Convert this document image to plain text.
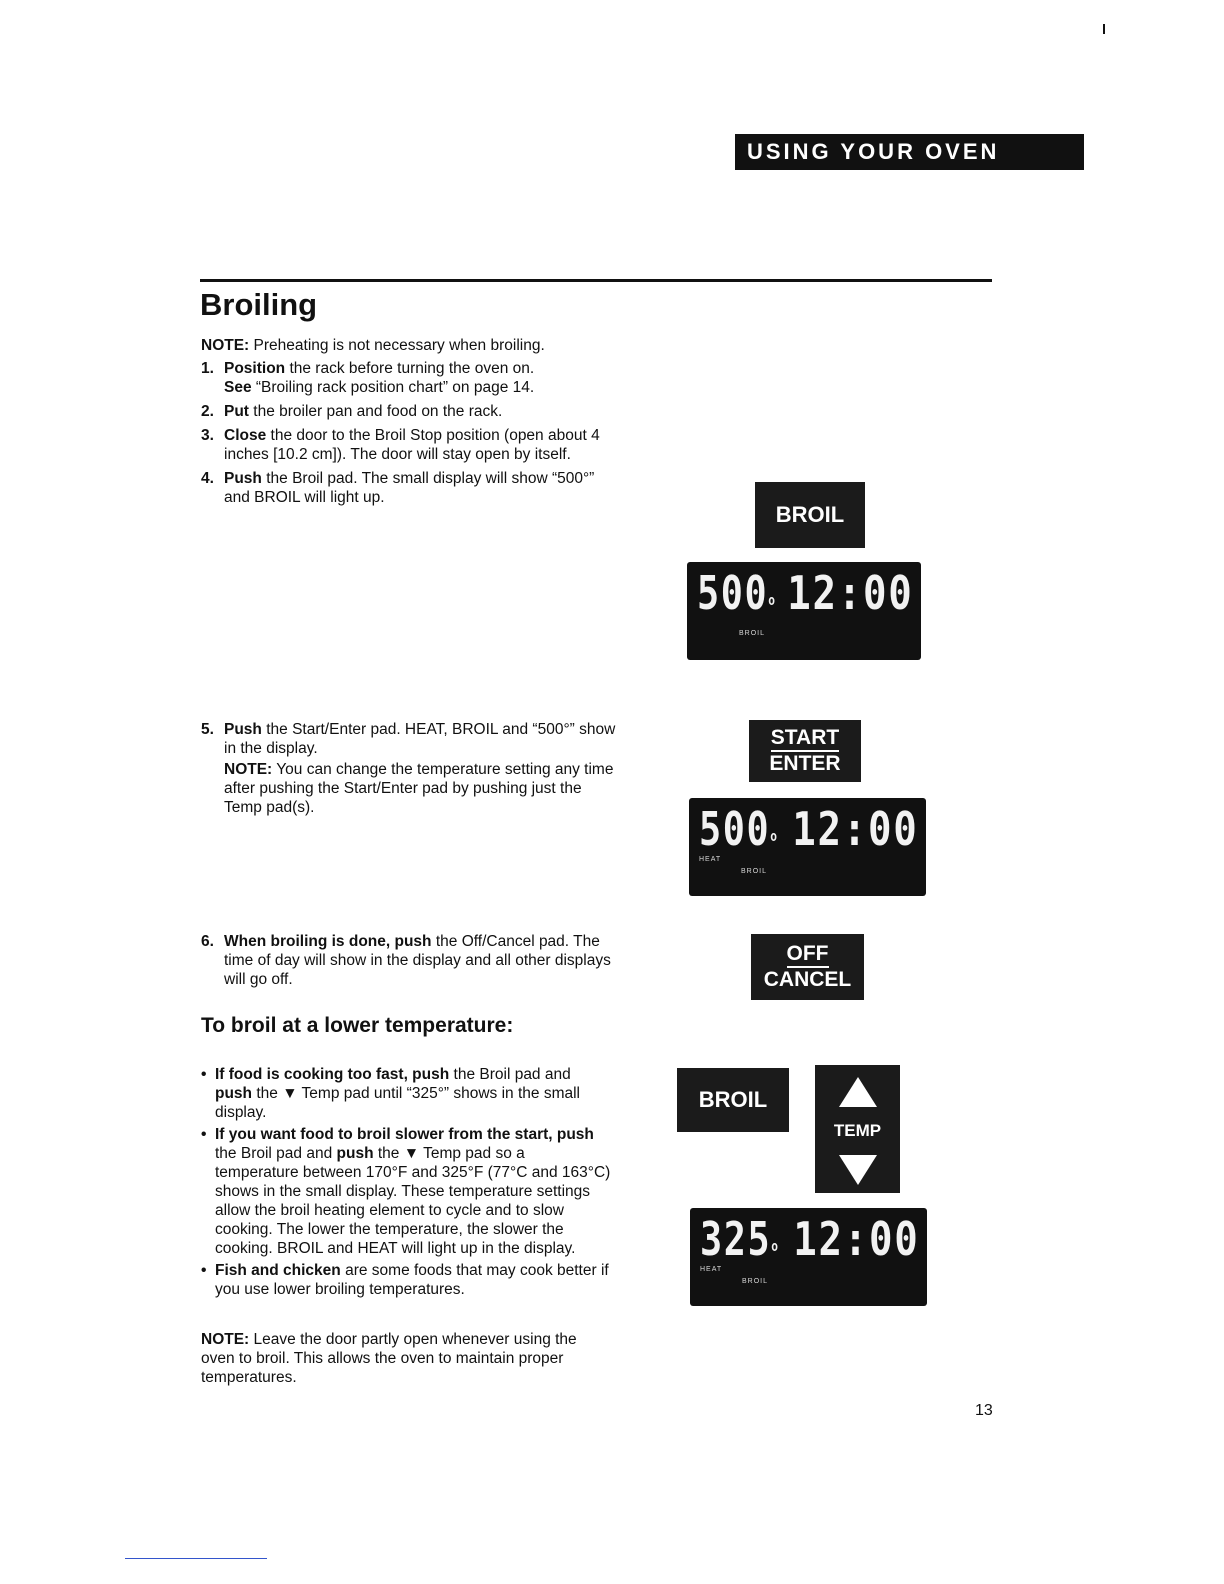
USING YOUR OVEN
Broiling

NOTE: Preheating is not necessary when broiling.

1. Position the rack before turning the oven on.
See “Broiling rack position chart” on page 14.

2. Put the broiler pan and food on the rack.

3. Close the door to the Broil Stop position (open about 4 inches [10.2 cm]). The door will stay open by itself.

4. Push the Broil pad. The small display will show “500°” and BROIL will light up.

5. Push the Start/Enter pad. HEAT, BROIL and “500°” show in the display.
NOTE: You can change the temperature setting any time after pushing the Start/Enter pad by pushing just the Temp pad(s).

6. When broiling is done, push the Off/Cancel pad. The time of day will show in the display and all other displays will go off.

To broil at a lower temperature:

• If food is cooking too fast, push the Broil pad and push the ▼ Temp pad until “325°” shows in the small display.

• If you want food to broil slower from the start, push the Broil pad and push the ▼ Temp pad so a temperature between 170°F and 325°F (77°C and 163°C) shows in the small display. These temperature settings allow the broil heating element to cycle and to slow cooking. The lower the temperature, the slower the cooking. BROIL and HEAT will light up in the display.

• Fish and chicken are some foods that may cook better if you use lower broiling temperatures.

NOTE: Leave the door partly open whenever using the oven to broil. This allows the oven to maintain proper temperatures.

13
BROIL
500$^o$ 12:00
BROIL
START
ENTER
500$^o$ 12:00
HEAT
BROIL
OFF
CANCEL
BROIL
TEMP
325$^o$ 12:00
HEAT
BROIL
